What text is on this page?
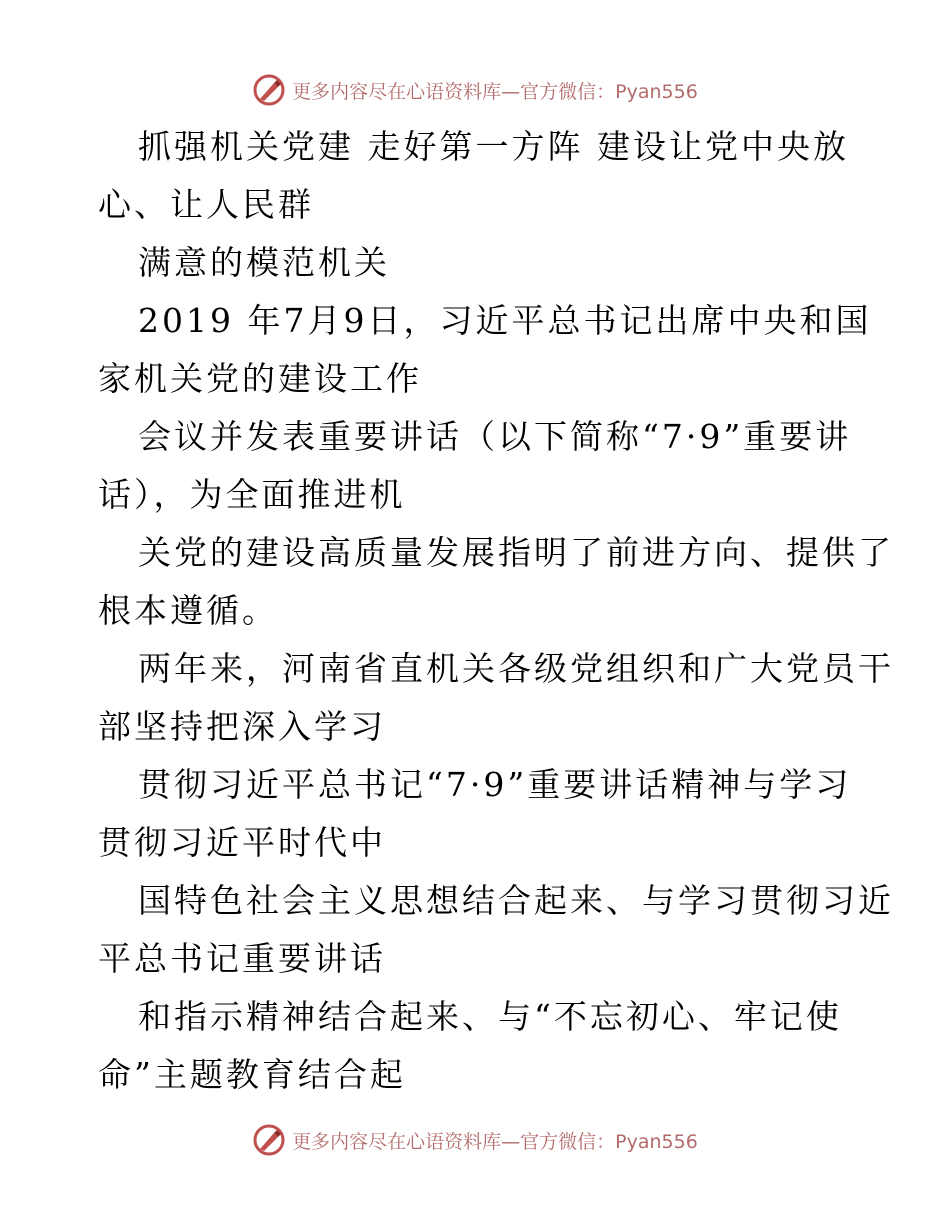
更多内容尽在心语资料库—官方微信：Pyan556
抓强机关党建 走好第一方阵 建设让党中央放
心、让人民群
满意的模范机关
2019 年7月9日，习近平总书记出席中央和国
家机关党的建设工作
会议并发表重要讲话（以下简称“7·9”重要讲
话），为全面推进机
关党的建设高质量发展指明了前进方向、提供了
根本遵循。
两年来，河南省直机关各级党组织和广大党员干
部坚持把深入学习
贯彻习近平总书记“7·9”重要讲话精神与学习
贯彻习近平时代中
国特色社会主义思想结合起来、与学习贯彻习近
平总书记重要讲话
和指示精神结合起来、与“不忘初心、牢记使
命”主题教育结合起
更多内容尽在心语资料库—官方微信：Pyan556
